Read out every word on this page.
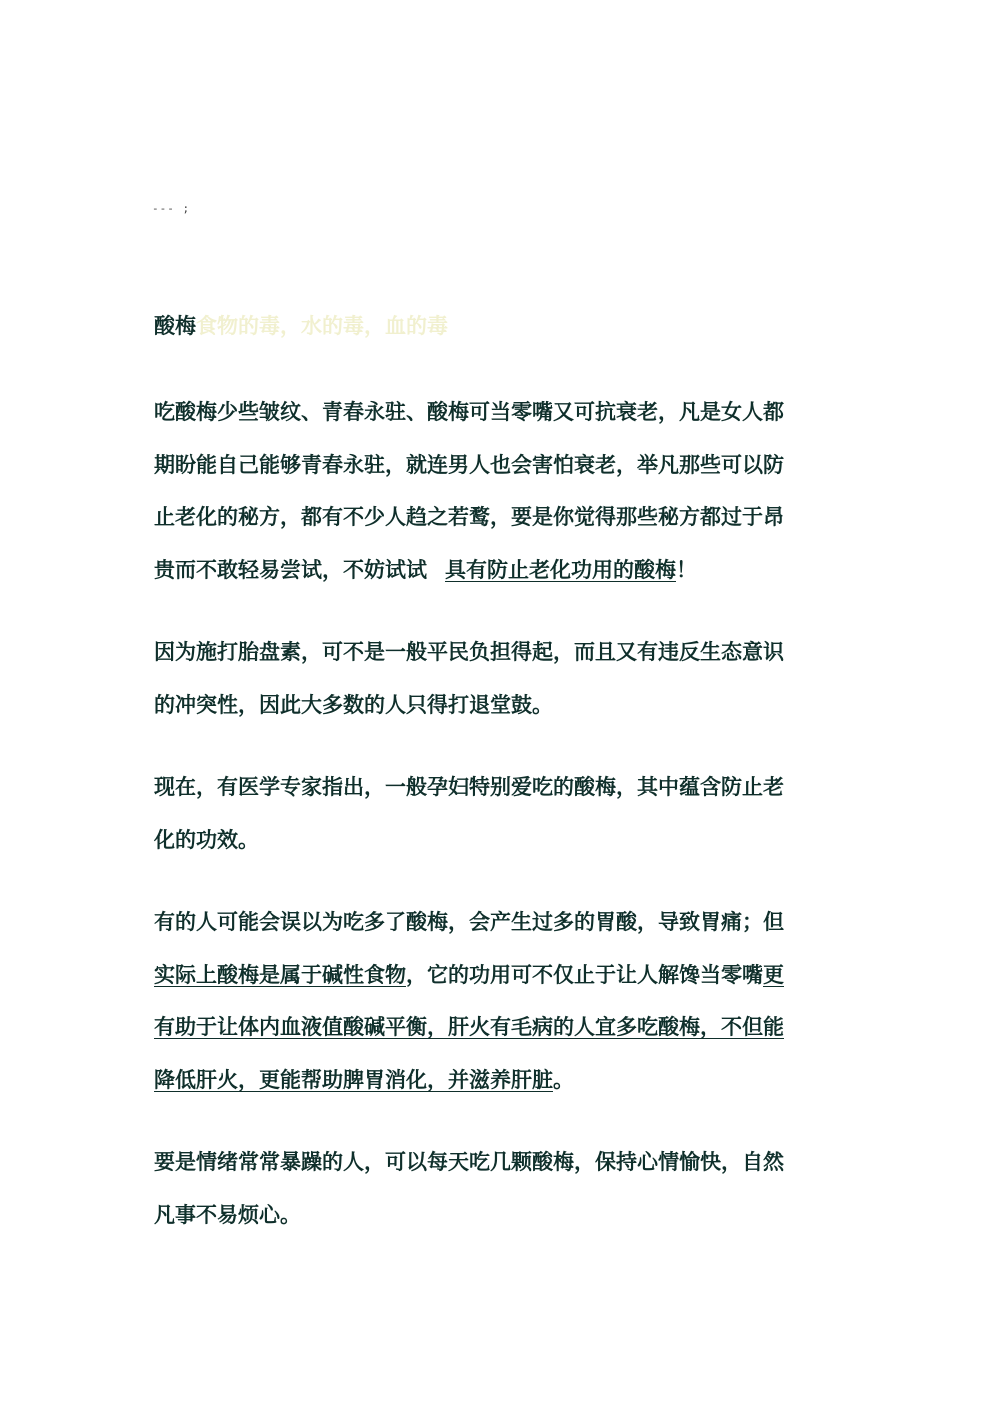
--- ;
酸梅食物的毒，水的毒，血的毒
吃酸梅少些皱纹、青春永驻、酸梅可当零嘴又可抗衰老，凡是女人都
期盼能自己能够青春永驻，就连男人也会害怕衰老，举凡那些可以防
止老化的秘方，都有不少人趋之若鹜，要是你觉得那些秘方都过于昂
贵而不敢轻易尝试，不妨试试 具有防止老化功用的酸梅！
因为施打胎盘素，可不是一般平民负担得起，而且又有违反生态意识
的冲突性，因此大多数的人只得打退堂鼓。
现在，有医学专家指出，一般孕妇特别爱吃的酸梅，其中蕴含防止老
化的功效。
有的人可能会误以为吃多了酸梅，会产生过多的胃酸，导致胃痛；但
实际上酸梅是属于碱性食物，它的功用可不仅止于让人解馋当零嘴更
有助于让体内血液值酸碱平衡，肝火有毛病的人宜多吃酸梅，不但能
降低肝火，更能帮助脾胃消化，并滋养肝脏。
要是情绪常常暴躁的人，可以每天吃几颗酸梅，保持心情愉快，自然
凡事不易烦心。
